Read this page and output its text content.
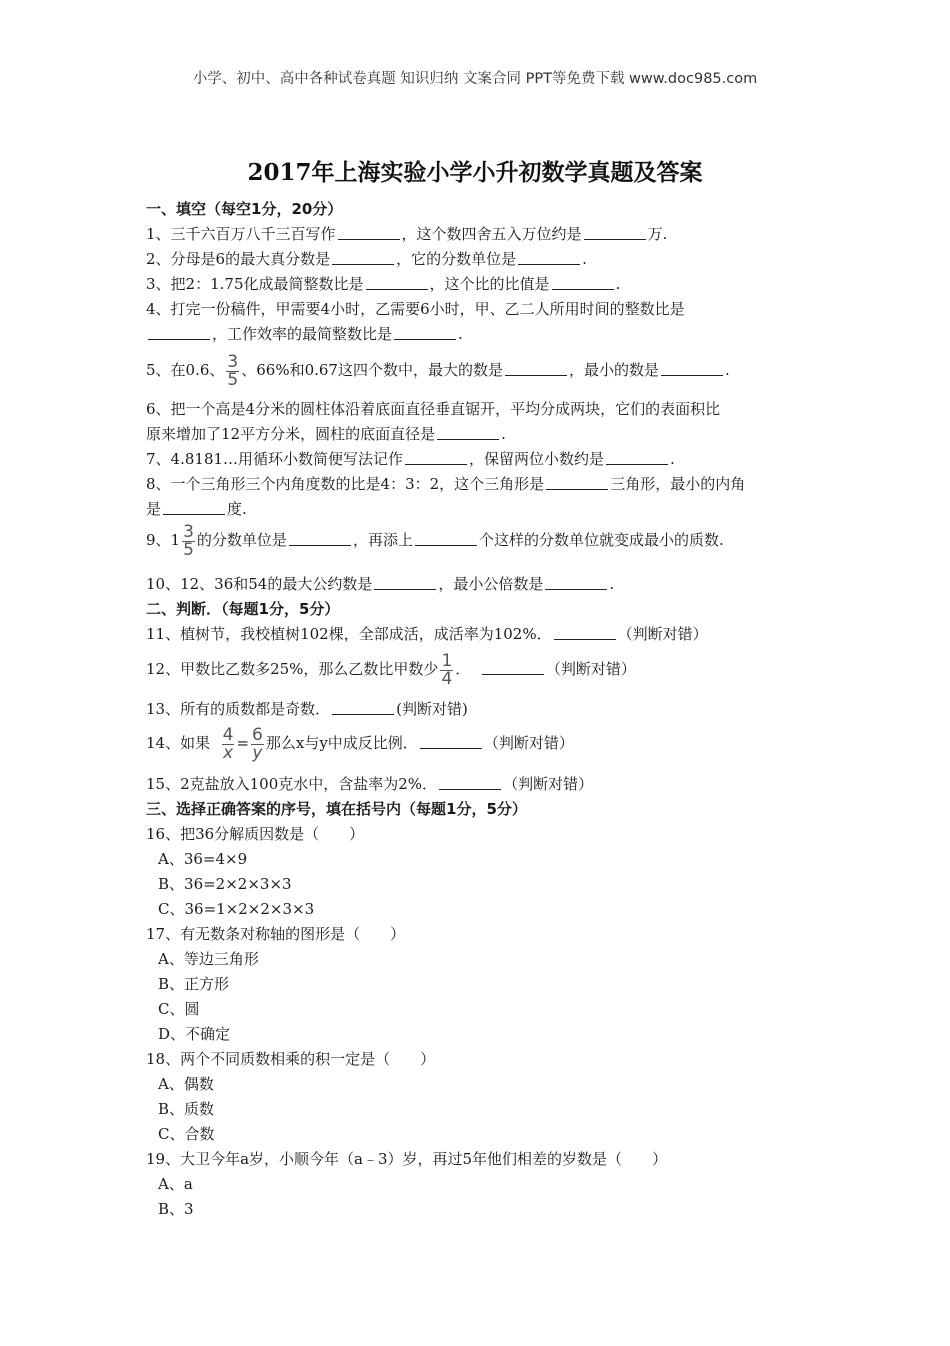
小学、初中、高中各种试卷真题 知识归纳 文案合同 PPT等免费下载 www.doc985.com
2017年上海实验小学小升初数学真题及答案
一、填空（每空1分，20分）
1、三千六百万八千三百写作	，这个数四舍五入万位约是	万.
2、分母是6的最大真分数是	，它的分数单位是	.
3、把2：1.75化成最简整数比是	，这个比的比值是	.
4、打完一份稿件，甲需要4小时，乙需要6小时，甲、乙二人所用时间的整数比是
，工作效率的最简整数比是	.
5、在0.6、 $\frac{3}{5}$ 、66%和0.67这四个数中，最大的数是	，最小的数是	.
6、把一个高是4分米的圆柱体沿着底面直径垂直锯开，平均分成两块，它们的表面积比
原来增加了12平方分米，圆柱的底面直径是	.
7、4.8181…用循环小数简便写法记作	，保留两位小数约是	.
8、一个三角形三个内角度数的比是4：3：2，这个三角形是	三角形，最小的内角
是	度.
9、$1 \frac{3}{5}$ 的分数单位是	，再添上	个这样的分数单位就变成最小的质数.
10、12、36和54的最大公约数是	，最小公倍数是	.
二、判断．（每题1分，5分）
11、植树节，我校植树102棵，全部成活，成活率为102%．	（判断对错）
12、甲数比乙数多25%，那么乙数比甲数少 $\frac{1}{4}$ ．	（判断对错）
13、所有的质数都是奇数．	(判断对错)
14、如果 $\frac{4}{x} = \frac{6}{y}$ 那么x与y中成反比例．	（判断对错）
15、2克盐放入100克水中，含盐率为2%．	（判断对错）
三、选择正确答案的序号，填在括号内（每题1分，5分）
16、把36分解质因数是（　　）
A、36=4×9
B、36=2×2×3×3
C、36=1×2×2×3×3
17、有无数条对称轴的图形是（　　）
A、等边三角形
B、正方形
C、圆
D、不确定
18、两个不同质数相乘的积一定是（　　）
A、偶数
B、质数
C、合数
19、大卫今年a岁，小顺今年（a﹣3）岁，再过5年他们相差的岁数是（　　）
A、a
B、3
